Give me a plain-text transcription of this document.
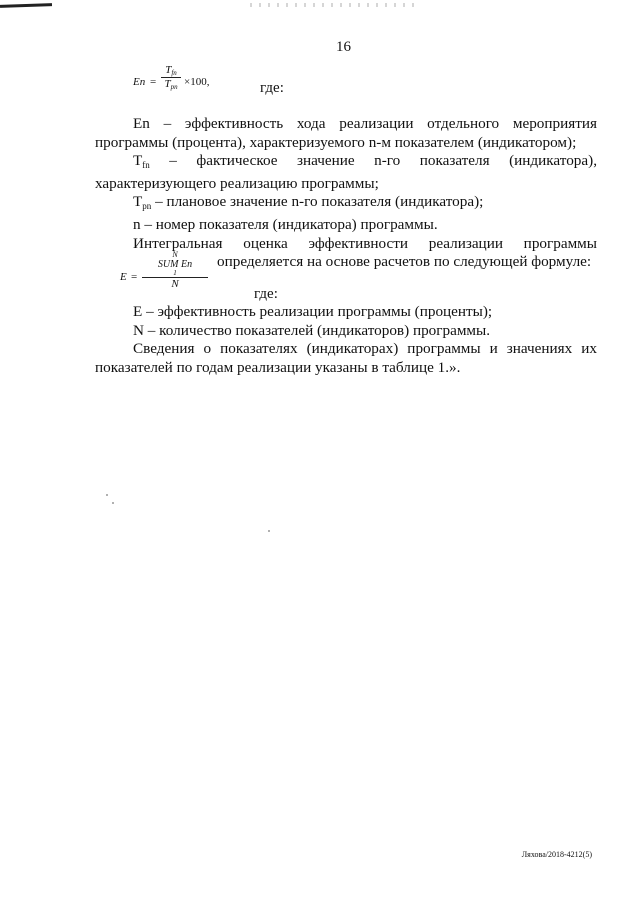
16
En =
$T_{fn}$
$T_{pn} \times 100$,	где:

En – эффективность хода реализации отдельного мероприятия программы (процента), характеризуемого n-м показателем (индикатором);

Tfn – фактическое значение n-го показателя (индикатора), характеризующего реализацию программы;

Tpn – плановое значение n-го показателя (индикатора);

n – номер показателя (индикатора) программы.

Интегральная оценка эффективности реализации программы

определяется на основе расчетов по следующей формуле:

E =
N
SUM En
1
N
где:

E – эффективность реализации программы (проценты);

N – количество показателей (индикаторов) программы.

Сведения о показателях (индикаторах) программы и значениях их показателей по годам реализации указаны в таблице 1.».

Ляхова/2018-4212(5)
